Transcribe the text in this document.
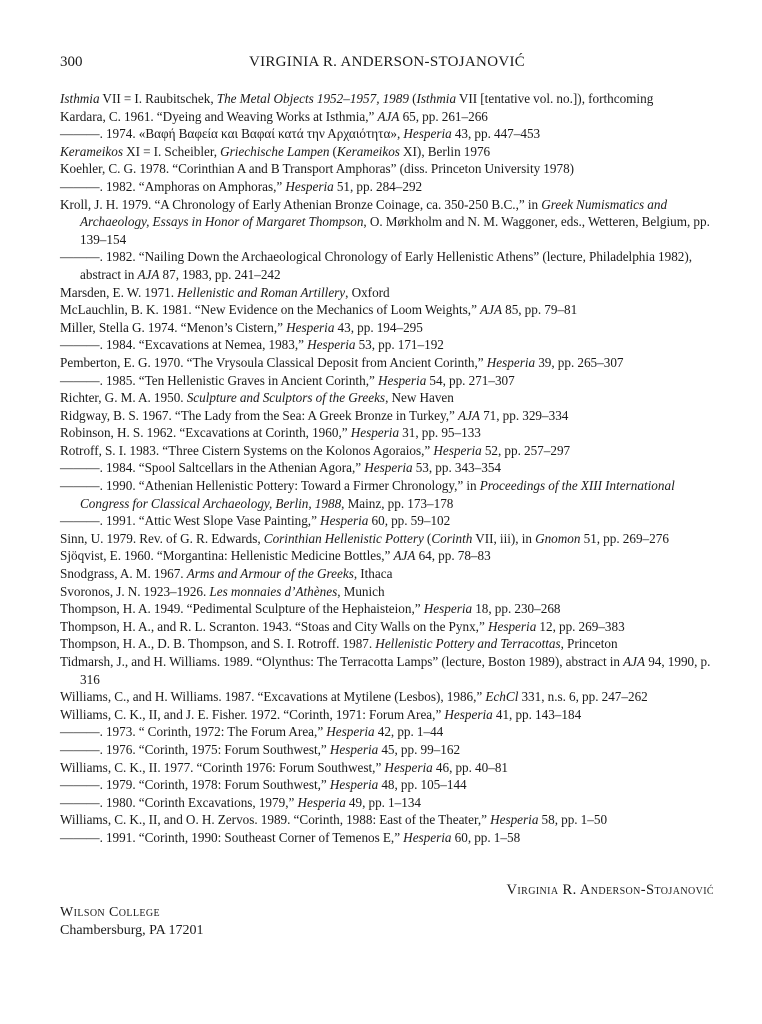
300	VIRGINIA R. ANDERSON-STOJANOVIĆ
Isthmia VII = I. Raubitschek, The Metal Objects 1952–1957, 1989 (Isthmia VII [tentative vol. no.]), forthcoming
Kardara, C. 1961. “Dyeing and Weaving Works at Isthmia,” AJA 65, pp. 261–266
———. 1974. «Βαφή Βαφεία και Βαφαί κατά την Αρχαιότητα», Hesperia 43, pp. 447–453
Kerameikos XI = I. Scheibler, Griechische Lampen (Kerameikos XI), Berlin 1976
Koehler, C. G. 1978. “Corinthian A and B Transport Amphoras” (diss. Princeton University 1978)
———. 1982. “Amphoras on Amphoras,” Hesperia 51, pp. 284–292
Kroll, J. H. 1979. “A Chronology of Early Athenian Bronze Coinage, ca. 350-250 B.C.,” in Greek Numismatics and Archaeology, Essays in Honor of Margaret Thompson, O. Mørkholm and N. M. Waggoner, eds., Wetteren, Belgium, pp. 139–154
———. 1982. “Nailing Down the Archaeological Chronology of Early Hellenistic Athens” (lecture, Philadelphia 1982), abstract in AJA 87, 1983, pp. 241–242
Marsden, E. W. 1971. Hellenistic and Roman Artillery, Oxford
McLauchlin, B. K. 1981. “New Evidence on the Mechanics of Loom Weights,” AJA 85, pp. 79–81
Miller, Stella G. 1974. “Menon’s Cistern,” Hesperia 43, pp. 194–295
———. 1984. “Excavations at Nemea, 1983,” Hesperia 53, pp. 171–192
Pemberton, E. G. 1970. “The Vrysoula Classical Deposit from Ancient Corinth,” Hesperia 39, pp. 265–307
———. 1985. “Ten Hellenistic Graves in Ancient Corinth,” Hesperia 54, pp. 271–307
Richter, G. M. A. 1950. Sculpture and Sculptors of the Greeks, New Haven
Ridgway, B. S. 1967. “The Lady from the Sea: A Greek Bronze in Turkey,” AJA 71, pp. 329–334
Robinson, H. S. 1962. “Excavations at Corinth, 1960,” Hesperia 31, pp. 95–133
Rotroff, S. I. 1983. “Three Cistern Systems on the Kolonos Agoraios,” Hesperia 52, pp. 257–297
———. 1984. “Spool Saltcellars in the Athenian Agora,” Hesperia 53, pp. 343–354
———. 1990. “Athenian Hellenistic Pottery: Toward a Firmer Chronology,” in Proceedings of the XIII International Congress for Classical Archaeology, Berlin, 1988, Mainz, pp. 173–178
———. 1991. “Attic West Slope Vase Painting,” Hesperia 60, pp. 59–102
Sinn, U. 1979. Rev. of G. R. Edwards, Corinthian Hellenistic Pottery (Corinth VII, iii), in Gnomon 51, pp. 269–276
Sjöqvist, E. 1960. “Morgantina: Hellenistic Medicine Bottles,” AJA 64, pp. 78–83
Snodgrass, A. M. 1967. Arms and Armour of the Greeks, Ithaca
Svoronos, J. N. 1923–1926. Les monnaies d’Athènes, Munich
Thompson, H. A. 1949. “Pedimental Sculpture of the Hephaisteion,” Hesperia 18, pp. 230–268
Thompson, H. A., and R. L. Scranton. 1943. “Stoas and City Walls on the Pynx,” Hesperia 12, pp. 269–383
Thompson, H. A., D. B. Thompson, and S. I. Rotroff. 1987. Hellenistic Pottery and Terracottas, Princeton
Tidmarsh, J., and H. Williams. 1989. “Olynthus: The Terracotta Lamps” (lecture, Boston 1989), abstract in AJA 94, 1990, p. 316
Williams, C., and H. Williams. 1987. “Excavations at Mytilene (Lesbos), 1986,” EchCl 331, n.s. 6, pp. 247–262
Williams, C. K., II, and J. E. Fisher. 1972. “Corinth, 1971: Forum Area,” Hesperia 41, pp. 143–184
———. 1973. “ Corinth, 1972: The Forum Area,” Hesperia 42, pp. 1–44
———. 1976. “Corinth, 1975: Forum Southwest,” Hesperia 45, pp. 99–162
Williams, C. K., II. 1977. “Corinth 1976: Forum Southwest,” Hesperia 46, pp. 40–81
———. 1979. “Corinth, 1978: Forum Southwest,” Hesperia 48, pp. 105–144
———. 1980. “Corinth Excavations, 1979,” Hesperia 49, pp. 1–134
Williams, C. K., II, and O. H. Zervos. 1989. “Corinth, 1988: East of the Theater,” Hesperia 58, pp. 1–50
———. 1991. “Corinth, 1990: Southeast Corner of Temenos E,” Hesperia 60, pp. 1–58
Virginia R. Anderson-Stojanović
Wilson College
Chambersburg, PA 17201
